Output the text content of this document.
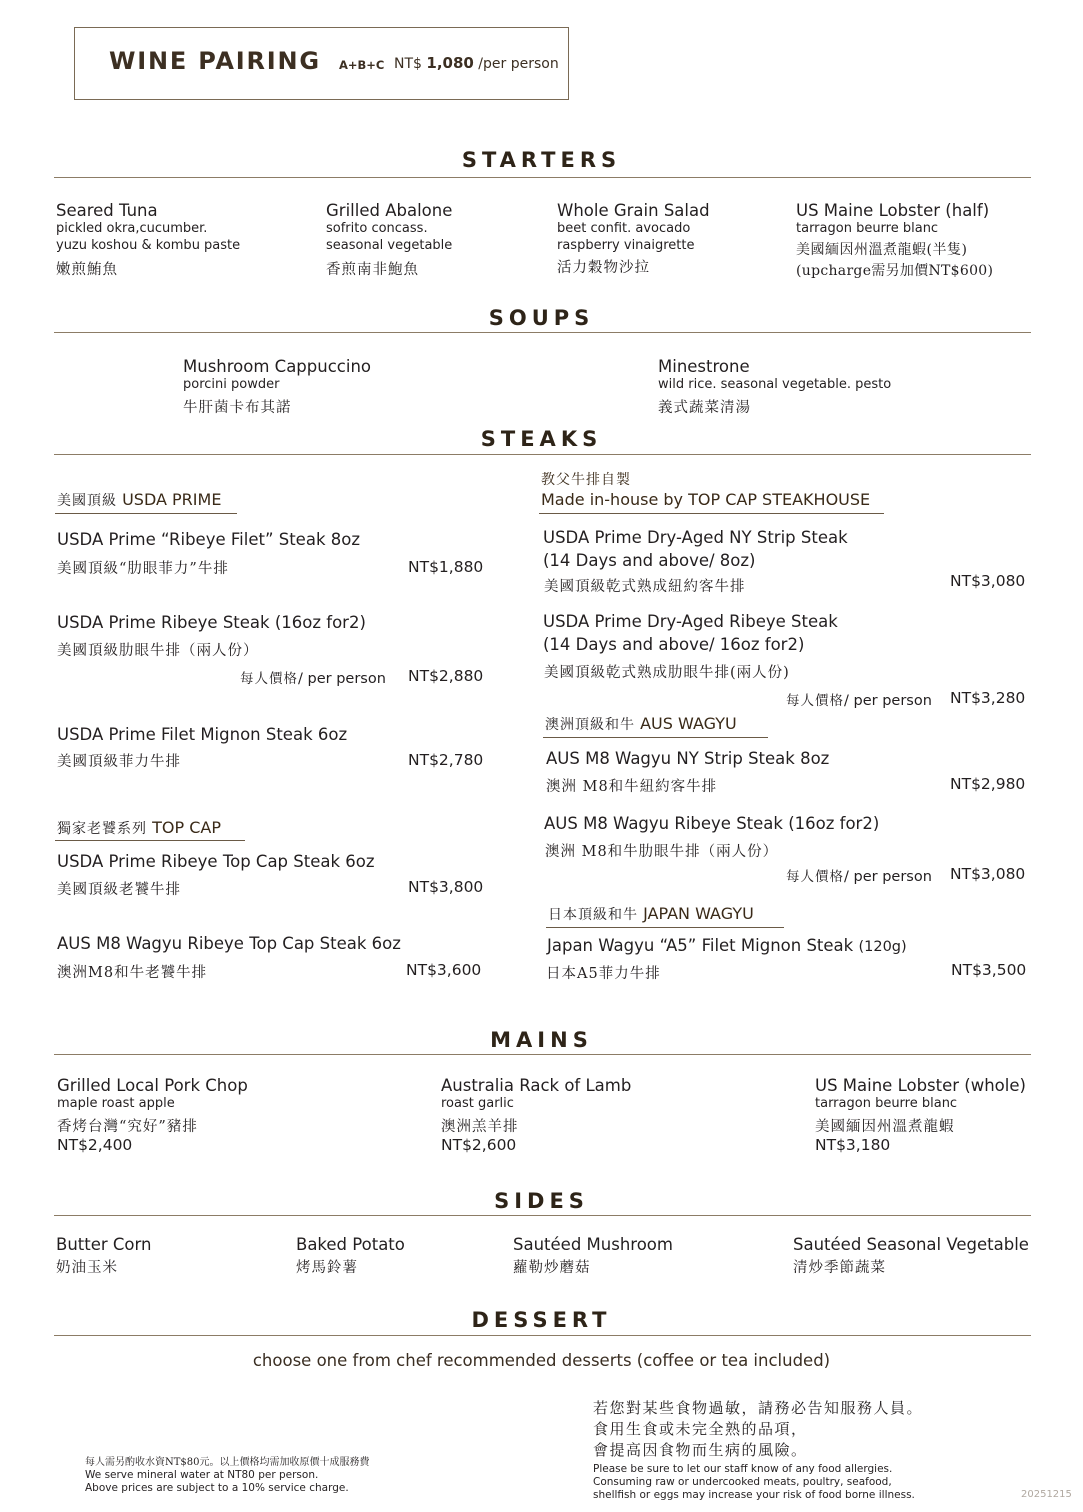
WINE PAIRING A+B+C NT$ 1,080 /per person
STARTERS
Seared Tuna
pickled okra,cucumber.
yuzu koshou & kombu paste
嫩煎鮪魚
Grilled Abalone
sofrito concass.
seasonal vegetable
香煎南非鮑魚
Whole Grain Salad
beet confit. avocado
raspberry vinaigrette
活力穀物沙拉
US Maine Lobster (half)
tarragon beurre blanc
美國緬因州溫煮龍蝦(半隻)
(upcharge需另加價NT$600)
SOUPS
Mushroom Cappuccino
porcini powder
牛肝菌卡布其諾
Minestrone
wild rice. seasonal vegetable. pesto
義式蔬菜清湯
STEAKS
美國頂級 USDA PRIME
USDA Prime “Ribeye Filet” Steak 8oz
美國頂級“肋眼菲力”牛排	NT$1,880
USDA Prime Ribeye Steak (16oz for2)
美國頂級肋眼牛排（兩人份）
每人價格/ per person NT$2,880
USDA Prime Filet Mignon Steak 6oz
美國頂級菲力牛排	NT$2,780
獨家老饕系列 TOP CAP
USDA Prime Ribeye Top Cap Steak 6oz
美國頂級老饕牛排	NT$3,800
AUS M8 Wagyu Ribeye Top Cap Steak 6oz
澳洲M8和牛老饕牛排	NT$3,600
教父牛排自製
Made in-house by TOP CAP STEAKHOUSE
USDA Prime Dry-Aged NY Strip Steak
(14 Days and above/ 8oz)
美國頂級乾式熟成紐約客牛排	NT$3,080
USDA Prime Dry-Aged Ribeye Steak
(14 Days and above/ 16oz for2)
美國頂級乾式熟成肋眼牛排(兩人份)
每人價格/ per person NT$3,280
澳洲頂級和牛 AUS WAGYU
AUS M8 Wagyu NY Strip Steak 8oz
澳洲 M8和牛紐約客牛排	NT$2,980
AUS M8 Wagyu Ribeye Steak (16oz for2)
澳洲 M8和牛肋眼牛排（兩人份）
每人價格/ per person NT$3,080
日本頂級和牛 JAPAN WAGYU
Japan Wagyu “A5” Filet Mignon Steak (120g)
日本A5菲力牛排	NT$3,500
MAINS
Grilled Local Pork Chop
maple roast apple
香烤台灣“究好”豬排
NT$2,400
Australia Rack of Lamb
roast garlic
澳洲羔羊排
NT$2,600
US Maine Lobster (whole)
tarragon beurre blanc
美國緬因州溫煮龍蝦
NT$3,180
SIDES
Butter Corn
奶油玉米
Baked Potato
烤馬鈴薯
Sautéed Mushroom
蘿勒炒蘑菇
Sautéed Seasonal Vegetable
清炒季節蔬菜
DESSERT
choose one from chef recommended desserts (coffee or tea included)
若您對某些食物過敏，請務必告知服務人員。
食用生食或未完全熟的品項，
會提高因食物而生病的風險。
Please be sure to let our staff know of any food allergies.
Consuming raw or undercooked meats, poultry, seafood,
shellfish or eggs may increase your risk of food borne illness.
每人需另酌收水資NT$80元。以上價格均需加收原價十成服務費
We serve mineral water at NT80 per person.
Above prices are subject to a 10% service charge.
20251215
